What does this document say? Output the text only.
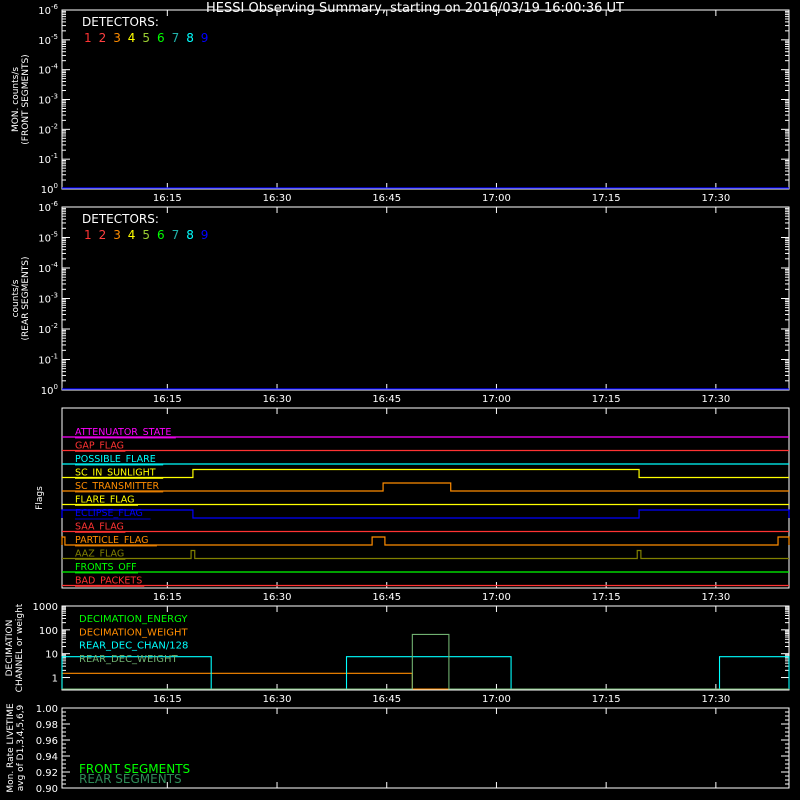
HESSI Observing Summary, starting on 2016/03/19 16:00:36 UT
$10^0$
$10^{-1}$
$10^{-2}$
$10^{-3}$
$10^{-4}$
$10^{-5}$
$10^{-6}$
16:15	16:30	16:45	17:00	17:15	17:30
MON. counts/s (FRONT SEGMENTS)
DETECTORS:
1 2 3 4 5 6 7 8 9
$10^0$
$10^{-1}$
$10^{-2}$
$10^{-3}$
$10^{-4}$
$10^{-5}$
$10^{-6}$
16:15	16:30	16:45	17:00	17:15	17:30
counts/s (REAR SEGMENTS)
DETECTORS:
1 2 3 4 5 6 7 8 9
16:15	16:30	16:45	17:00	17:15	17:30
Flags
ATTENUATOR_STATE
GAP_FLAG
POSSIBLE_FLARE
SC_IN_SUNLIGHT
SC_TRANSMITTER
FLARE_FLAG
ECLIPSE_FLAG
SAA_FLAG
PARTICLE_FLAG
AAZ_FLAG
FRONTS_OFF
BAD_PACKETS
16:15	16:30	16:45	17:00	17:15	17:30
DECIMATION CHANNEL or weight 1000
100
10
1
DECIMATION_ENERGY
DECIMATION_WEIGHT
REAR_DEC_CHAN/128
REAR_DEC_WEIGHT
Mon. Rate LIVETIME avg of D1,3,4,5,6,9 1.00
0.98
0.96
0.94
0.92
0.90
FRONT SEGMENTS
REAR SEGMENTS
